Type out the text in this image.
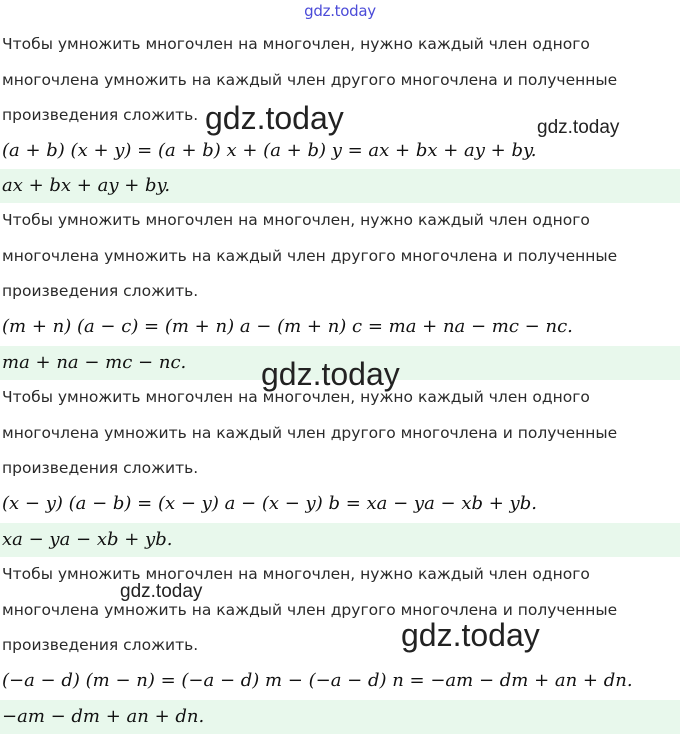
gdz.today
Чтобы умножить многочлен на многочлен, нужно каждый член одного многочлена умножить на каждый член другого многочлена и полученные произведения сложить.
(a + b) (x + y) = (a + b) x + (a + b) y = ax + bx + ay + by.
ax + bx + ay + by.
Чтобы умножить многочлен на многочлен, нужно каждый член одного многочлена умножить на каждый член другого многочлена и полученные произведения сложить.
(m + n) (a − c) = (m + n) a − (m + n) c = ma + na − mc − nc.
ma + na − mc − nc.
Чтобы умножить многочлен на многочлен, нужно каждый член одного многочлена умножить на каждый член другого многочлена и полученные произведения сложить.
(x − y) (a − b) = (x − y) a − (x − y) b = xa − ya − xb + yb.
xa − ya − xb + yb.
Чтобы умножить многочлен на многочлен, нужно каждый член одного многочлена умножить на каждый член другого многочлена и полученные произведения сложить.
(−a − d) (m − n) = (−a − d) m − (−a − d) n = −am − dm + an + dn.
−am − dm + an + dn.
gdz.today	gdz.today
gdz.today
gdz.today
gdz.today
